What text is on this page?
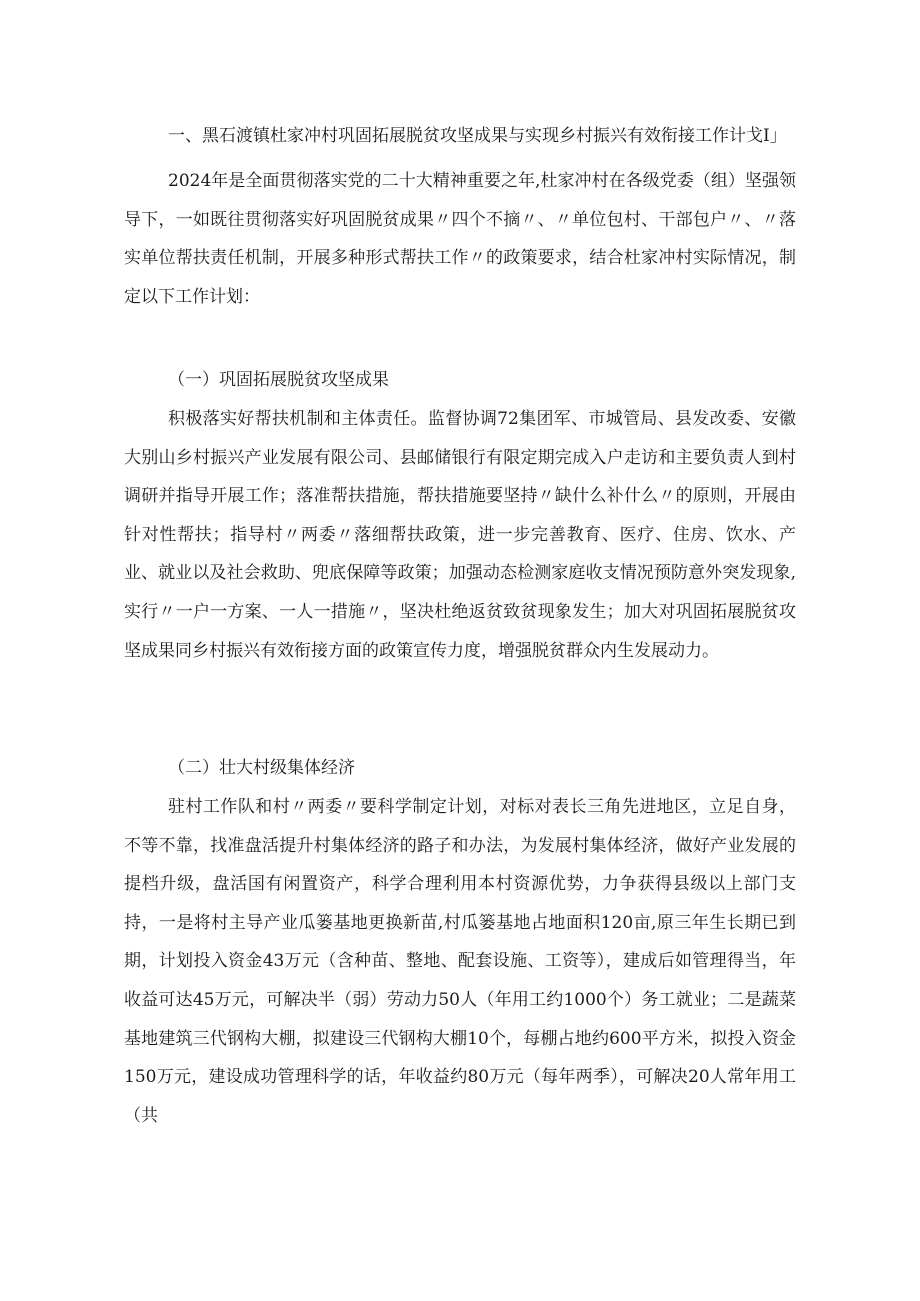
一、黑石渡镇杜家冲村巩固拓展脱贫攻坚成果与实现乡村振兴有效衔接工作计戈Ⅰ」

2024年是全面贯彻落实党的二十大精神重要之年,杜家冲村在各级党委（组）坚强领导下，一如既往贯彻落实好巩固脱贫成果〃四个不摘〃、〃单位包村、干部包户〃、〃落实单位帮扶责任机制，开展多种形式帮扶工作〃的政策要求，结合杜家冲村实际情况，制定以下工作计划：

（一）巩固拓展脱贫攻坚成果

积极落实好帮扶机制和主体责任。监督协调72集团军、市城管局、县发改委、安徽大别山乡村振兴产业发展有限公司、县邮储银行有限定期完成入户走访和主要负责人到村调研并指导开展工作；落准帮扶措施，帮扶措施要坚持〃缺什么补什么〃的原则，开展由针对性帮扶；指导村〃两委〃落细帮扶政策，进一步完善教育、医疗、住房、饮水、产业、就业以及社会救助、兜底保障等政策；加强动态检测家庭收支情况预防意外突发现象,实行〃一户一方案、一人一措施〃，坚决杜绝返贫致贫现象发生；加大对巩固拓展脱贫攻坚成果同乡村振兴有效衔接方面的政策宣传力度，增强脱贫群众内生发展动力。

（二）壮大村级集体经济

驻村工作队和村〃两委〃要科学制定计划，对标对表长三角先进地区，立足自身，不等不靠，找准盘活提升村集体经济的路子和办法，为发展村集体经济，做好产业发展的提档升级，盘活国有闲置资产，科学合理利用本村资源优势，力争获得县级以上部门支持，一是将村主导产业瓜篓基地更换新苗,村瓜篓基地占地面积120亩,原三年生长期已到期，计划投入资金43万元（含种苗、整地、配套设施、工资等），建成后如管理得当，年收益可达45万元，可解决半（弱）劳动力50人（年用工约1000个）务工就业；二是蔬菜基地建筑三代钢构大棚，拟建设三代钢构大棚10个，每棚占地约600平方米，拟投入资金150万元，建设成功管理科学的话，年收益约80万元（每年两季），可解决20人常年用工（共
